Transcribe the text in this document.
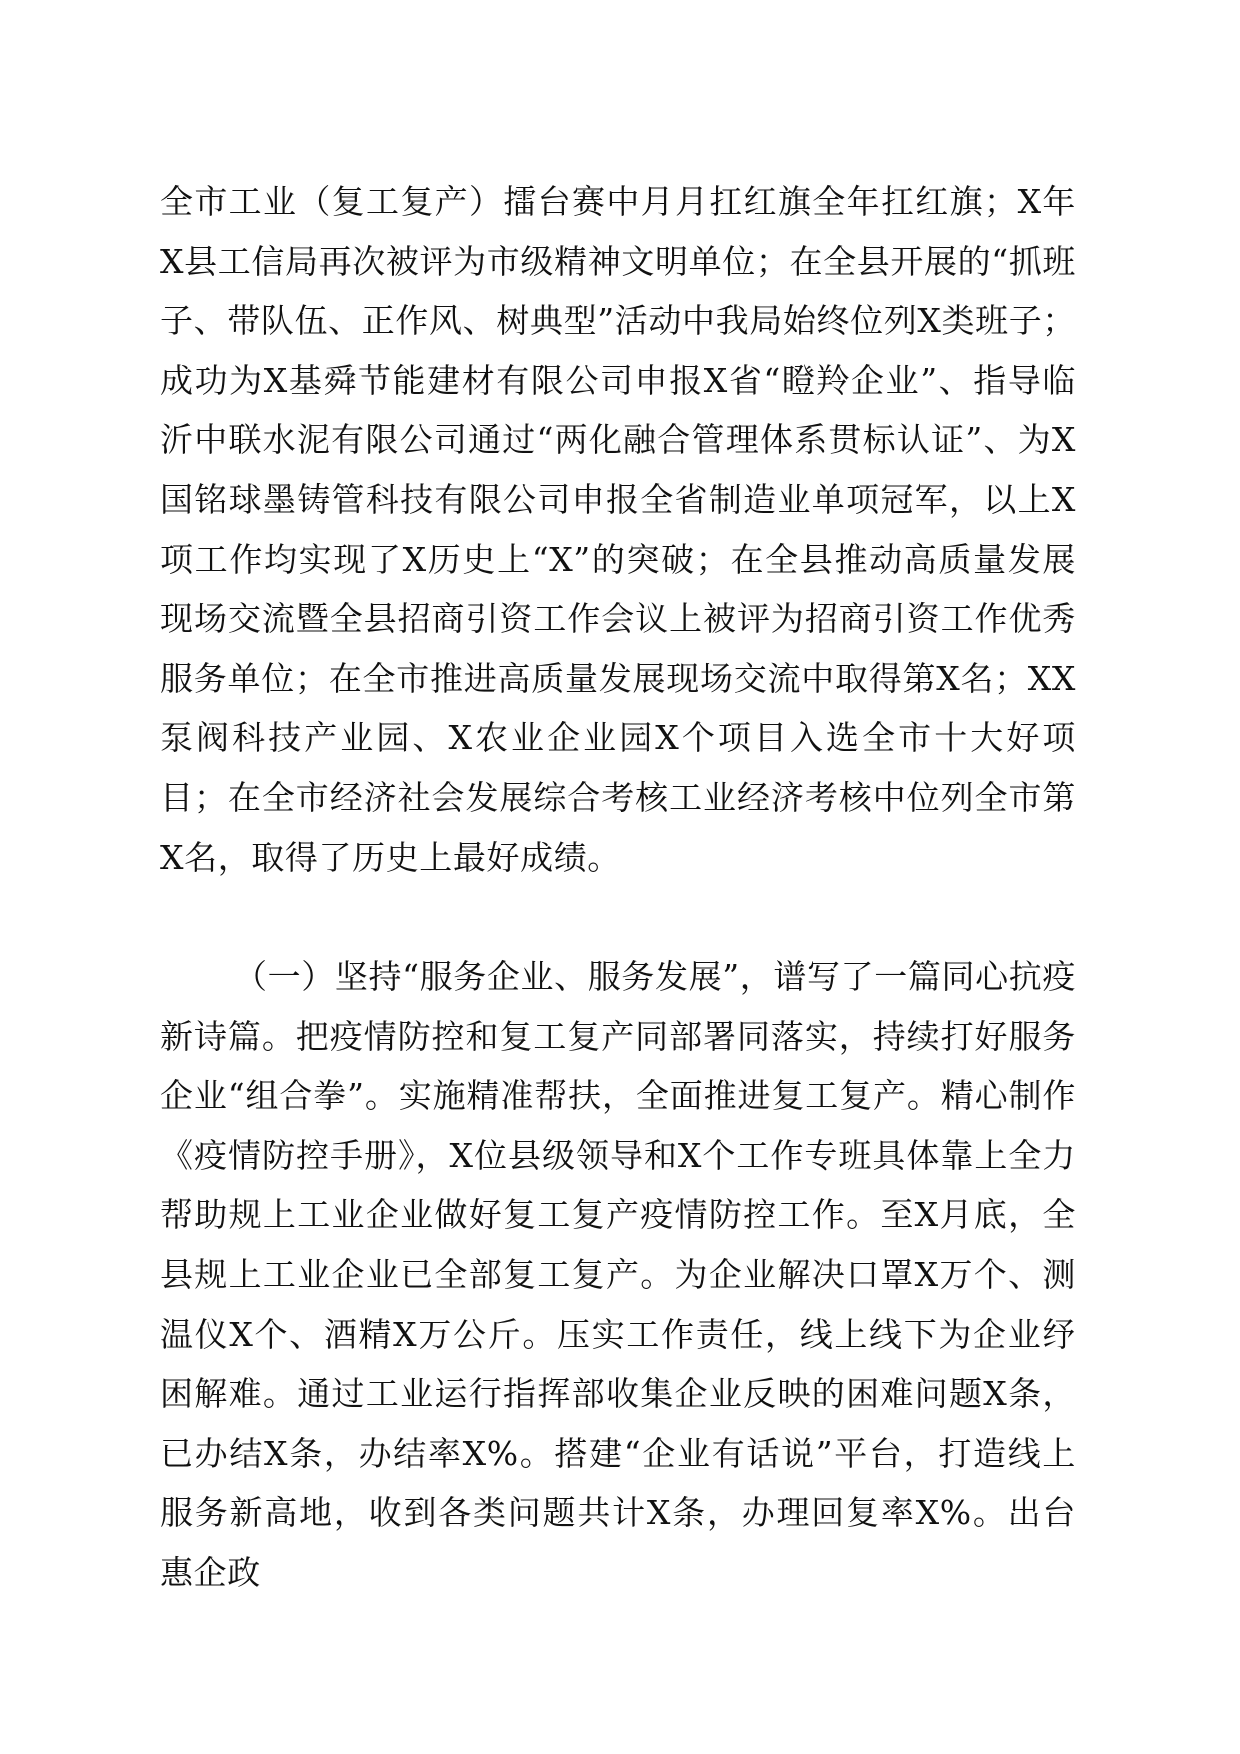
全市工业（复工复产）擂台赛中月月扛红旗全年扛红旗；X年X县工信局再次被评为市级精神文明单位；在全县开展的“抓班子、带队伍、正作风、树典型”活动中我局始终位列X类班子；成功为X基舜节能建材有限公司申报X省“瞪羚企业”、指导临沂中联水泥有限公司通过“两化融合管理体系贯标认证”、为X国铭球墨铸管科技有限公司申报全省制造业单项冠军，以上X项工作均实现了X历史上“X”的突破；在全县推动高质量发展现场交流暨全县招商引资工作会议上被评为招商引资工作优秀服务单位；在全市推进高质量发展现场交流中取得第X名；XX泵阀科技产业园、X农业企业园X个项目入选全市十大好项目；在全市经济社会发展综合考核工业经济考核中位列全市第X名，取得了历史上最好成绩。

（一）坚持“服务企业、服务发展”，谱写了一篇同心抗疫新诗篇。把疫情防控和复工复产同部署同落实，持续打好服务企业“组合拳”。实施精准帮扶，全面推进复工复产。精心制作《疫情防控手册》，X位县级领导和X个工作专班具体靠上全力帮助规上工业企业做好复工复产疫情防控工作。至X月底，全县规上工业企业已全部复工复产。为企业解决口罩X万个、测温仪X个、酒精X万公斤。压实工作责任，线上线下为企业纾困解难。通过工业运行指挥部收集企业反映的困难问题X条，已办结X条，办结率X%。搭建“企业有话说”平台，打造线上服务新高地，收到各类问题共计X条，办理回复率X%。出台惠企政
